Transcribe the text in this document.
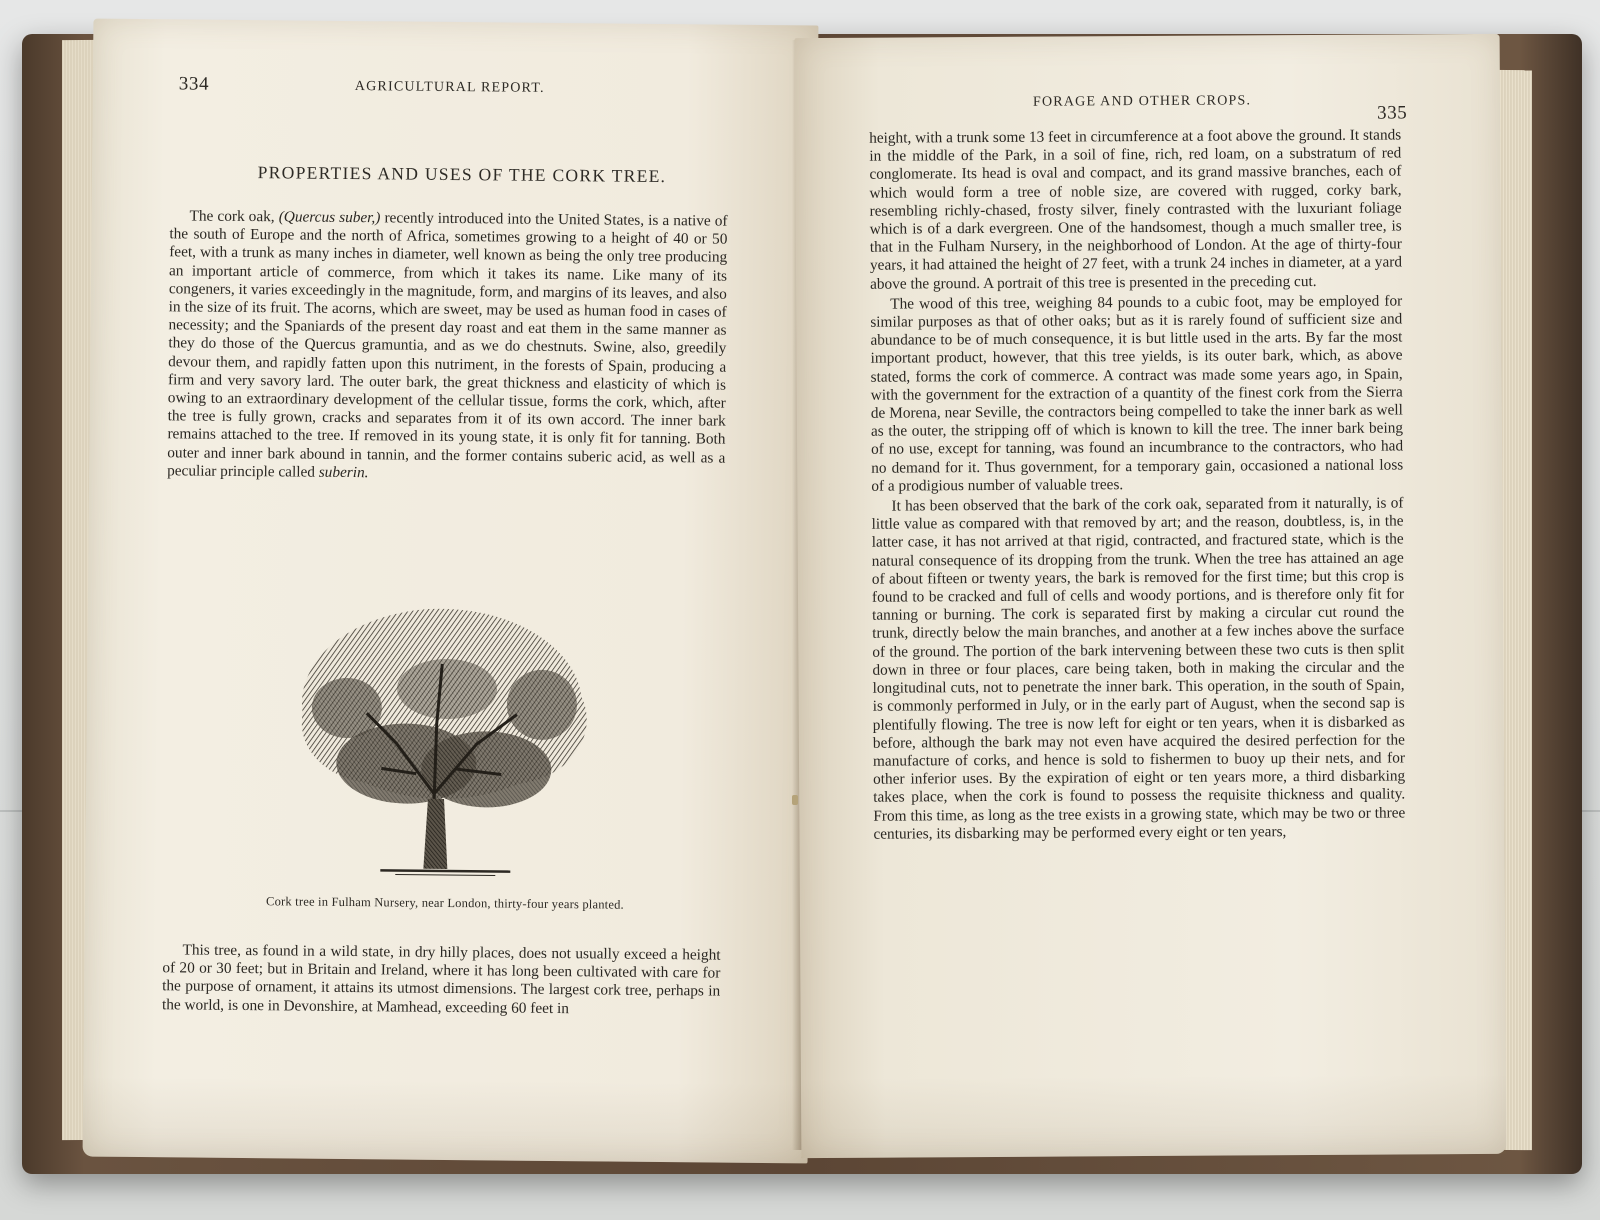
334	AGRICULTURAL REPORT.
PROPERTIES AND USES OF THE CORK TREE.

The cork oak, (Quercus suber,) recently introduced into the United States, is a native of the south of Europe and the north of Africa, sometimes growing to a height of 40 or 50 feet, with a trunk as many inches in diameter, well known as being the only tree producing an important article of commerce, from which it takes its name. Like many of its congeners, it varies exceedingly in the magnitude, form, and margins of its leaves, and also in the size of its fruit. The acorns, which are sweet, may be used as human food in cases of necessity; and the Spaniards of the present day roast and eat them in the same manner as they do those of the Quercus gramuntia, and as we do chestnuts. Swine, also, greedily devour them, and rapidly fatten upon this nutriment, in the forests of Spain, producing a firm and very savory lard. The outer bark, the great thickness and elasticity of which is owing to an extraordinary development of the cellular tissue, forms the cork, which, after the tree is fully grown, cracks and separates from it of its own accord. The inner bark remains attached to the tree. If removed in its young state, it is only fit for tanning. Both outer and inner bark abound in tannin, and the former contains suberic acid, as well as a peculiar principle called suberin.

Cork tree in Fulham Nursery, near London, thirty-four years planted.

This tree, as found in a wild state, in dry hilly places, does not usually exceed a height of 20 or 30 feet; but in Britain and Ireland, where it has long been cultivated with care for the purpose of ornament, it attains its utmost dimensions. The largest cork tree, perhaps in the world, is one in Devonshire, at Mamhead, exceeding 60 feet in

FORAGE AND OTHER CROPS.
335

height, with a trunk some 13 feet in circumference at a foot above the ground. It stands in the middle of the Park, in a soil of fine, rich, red loam, on a substratum of red conglomerate. Its head is oval and compact, and its grand massive branches, each of which would form a tree of noble size, are covered with rugged, corky bark, resembling richly-chased, frosty silver, finely contrasted with the luxuriant foliage which is of a dark evergreen. One of the handsomest, though a much smaller tree, is that in the Fulham Nursery, in the neighborhood of London. At the age of thirty-four years, it had attained the height of 27 feet, with a trunk 24 inches in diameter, at a yard above the ground. A portrait of this tree is presented in the preceding cut.

The wood of this tree, weighing 84 pounds to a cubic foot, may be employed for similar purposes as that of other oaks; but as it is rarely found of sufficient size and abundance to be of much consequence, it is but little used in the arts. By far the most important product, however, that this tree yields, is its outer bark, which, as above stated, forms the cork of commerce. A contract was made some years ago, in Spain, with the government for the extraction of a quantity of the finest cork from the Sierra de Morena, near Seville, the contractors being compelled to take the inner bark as well as the outer, the stripping off of which is known to kill the tree. The inner bark being of no use, except for tanning, was found an incumbrance to the contractors, who had no demand for it. Thus government, for a temporary gain, occasioned a national loss of a prodigious number of valuable trees.

It has been observed that the bark of the cork oak, separated from it naturally, is of little value as compared with that removed by art; and the reason, doubtless, is, in the latter case, it has not arrived at that rigid, contracted, and fractured state, which is the natural consequence of its dropping from the trunk. When the tree has attained an age of about fifteen or twenty years, the bark is removed for the first time; but this crop is found to be cracked and full of cells and woody portions, and is therefore only fit for tanning or burning. The cork is separated first by making a circular cut round the trunk, directly below the main branches, and another at a few inches above the surface of the ground. The portion of the bark intervening between these two cuts is then split down in three or four places, care being taken, both in making the circular and the longitudinal cuts, not to penetrate the inner bark. This operation, in the south of Spain, is commonly performed in July, or in the early part of August, when the second sap is plentifully flowing. The tree is now left for eight or ten years, when it is disbarked as before, although the bark may not even have acquired the desired perfection for the manufacture of corks, and hence is sold to fishermen to buoy up their nets, and for other inferior uses. By the expiration of eight or ten years more, a third disbarking takes place, when the cork is found to possess the requisite thickness and quality. From this time, as long as the tree exists in a growing state, which may be two or three centuries, its disbarking may be performed every eight or ten years,
